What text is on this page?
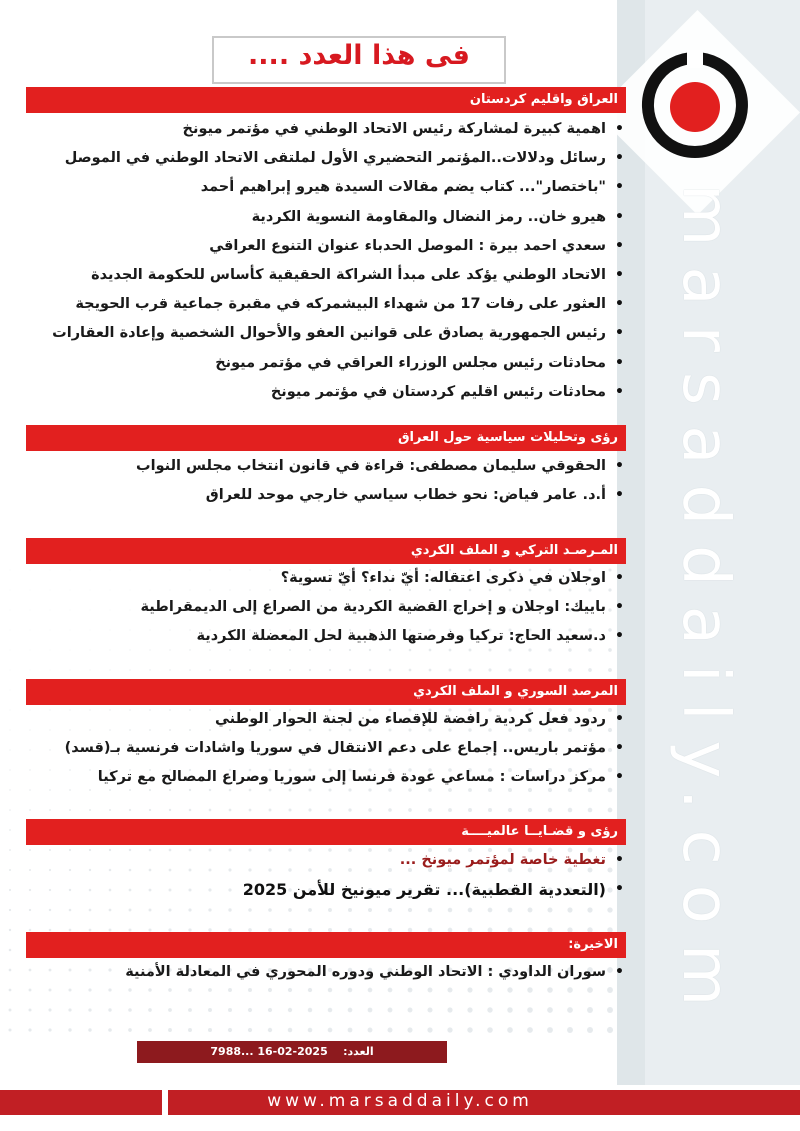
marsaddaily.com
فى هذا العدد ....
العراق واقليم كردستان
• اهمية كبيرة لمشاركة رئيس الاتحاد الوطني في مؤتمر ميونخ
• رسائل ودلالات..المؤتمر التحضيري الأول لملتقى الاتحاد الوطني في الموصل
• "باختصار"... كتاب يضم مقالات السيدة هيرو إبراهيم أحمد
• هيرو خان.. رمز النضال والمقاومة النسوية الكردية
• سعدي احمد بيرة : الموصل الحدباء عنوان التنوع العراقي
• الاتحاد الوطني يؤكد على مبدأ الشراكة الحقيقية كأساس للحكومة الجديدة
• العثور على رفات 17 من شهداء البيشمركه في مقبرة جماعية قرب الحويجة
• رئيس الجمهورية يصادق على قوانين العفو والأحوال الشخصية وإعادة العقارات
• محادثات رئيس مجلس الوزراء العراقي في مؤتمر ميونخ
• محادثات رئيس اقليم كردستان في مؤتمر ميونخ
رؤى وتحليلات سياسية حول العراق
• الحقوقي سليمان مصطفى: قراءة في قانون انتخاب مجلس النواب
• أ.د. عامر فياض: نحو خطاب سياسي خارجي موحد للعراق
المـرصـد التركي و الملف الكردي
• اوجلان في ذكرى اعتقاله: أيّ نداء؟ أيّ تسوية؟
• باييك: اوجلان و إخراج القضية الكردية من الصراع إلى الديمقراطية
• د.سعيد الحاج: تركيا وفرصتها الذهبية لحل المعضلة الكردية
المرصد السوري و الملف الكردي
• ردود فعل كردية رافضة للإقصاء من لجنة الحوار الوطني
• مؤتمر باريس.. إجماع على دعم الانتقال في سوريا واشادات فرنسية بـ(قسد)
• مركز دراسات : مساعي عودة فرنسا إلى سوريا وصراع المصالح مع تركيا
رؤى و قضـايــا عالميــــة
• تغطية خاصة لمؤتمر ميونخ ...
• (التعددية القطبية)... تقرير ميونيخ للأمن 2025
الاخيرة:
• سوران الداودي : الاتحاد الوطني ودوره المحوري في المعادلة الأمنية
العدد:    7988... 16-02-2025
www.marsaddaily.com
